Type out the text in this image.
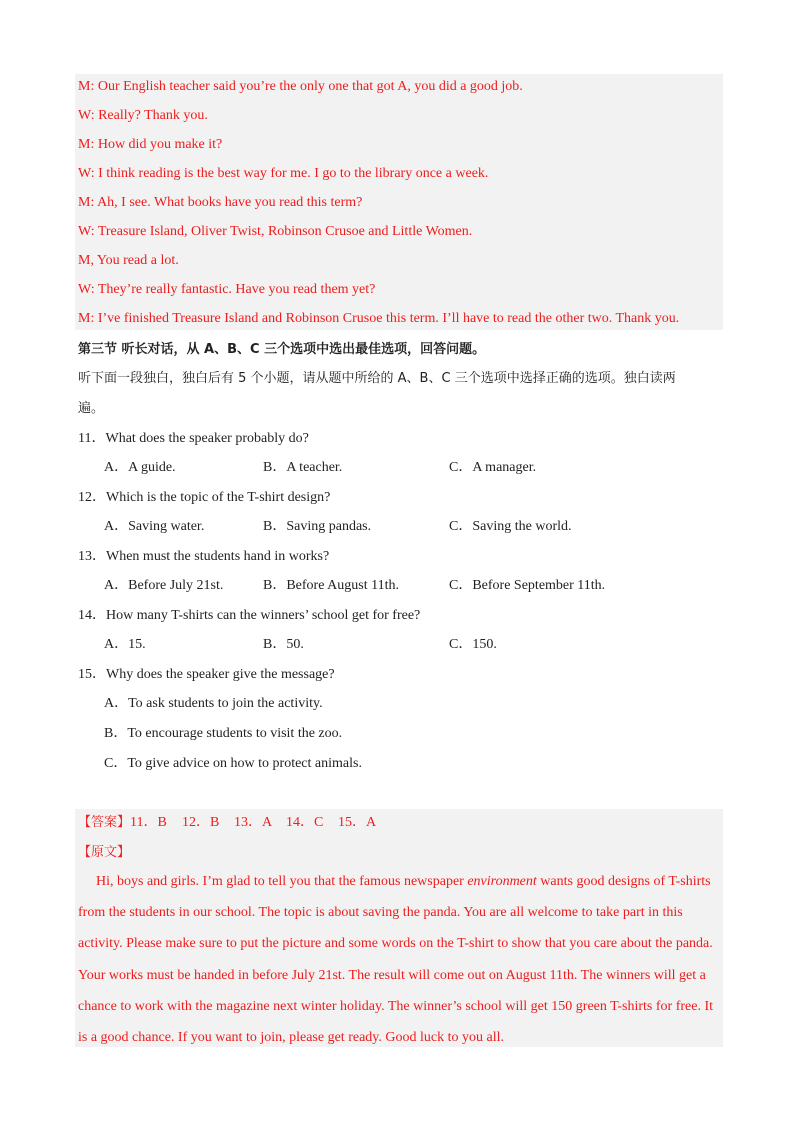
M: Our English teacher said you’re the only one that got A, you did a good job.
W: Really? Thank you.
M: How did you make it?
W: I think reading is the best way for me. I go to the library once a week.
M: Ah, I see. What books have you read this term?
W: Treasure Island, Oliver Twist, Robinson Crusoe and Little Women.
M, You read a lot.
W: They’re really fantastic. Have you read them yet?
M: I’ve finished Treasure Island and Robinson Crusoe this term. I’ll have to read the other two. Thank you.
第三节 听长对话，从 A、B、C 三个选项中选出最佳选项，回答问题。
听下面一段独白，独白后有 5 个小题，请从题中所给的 A、B、C 三个选项中选择正确的选项。独白读两
遍。
11．What does the speaker probably do?
A．A guide.	B．A teacher.	C．A manager.
12．Which is the topic of the T-shirt design?
A．Saving water.	B．Saving pandas.	C．Saving the world.
13．When must the students hand in works?
A．Before July 21st.	B．Before August 11th.	C．Before September 11th.
14．How many T-shirts can the winners’ school get for free?
A．15.	B．50.	C．150.
15．Why does the speaker give the message?
A．To ask students to join the activity.
B．To encourage students to visit the zoo.
C．To give advice on how to protect animals.
【答案】11．B 12．B 13．A 14．C 15．A
【原文】
Hi, boys and girls. I’m glad to tell you that the famous newspaper environment wants good designs of T-shirts
from the students in our school. The topic is about saving the panda. You are all welcome to take part in this
activity. Please make sure to put the picture and some words on the T-shirt to show that you care about the panda.
Your works must be handed in before July 21st. The result will come out on August 11th. The winners will get a
chance to work with the magazine next winter holiday. The winner’s school will get 150 green T-shirts for free. It
is a good chance. If you want to join, please get ready. Good luck to you all.
